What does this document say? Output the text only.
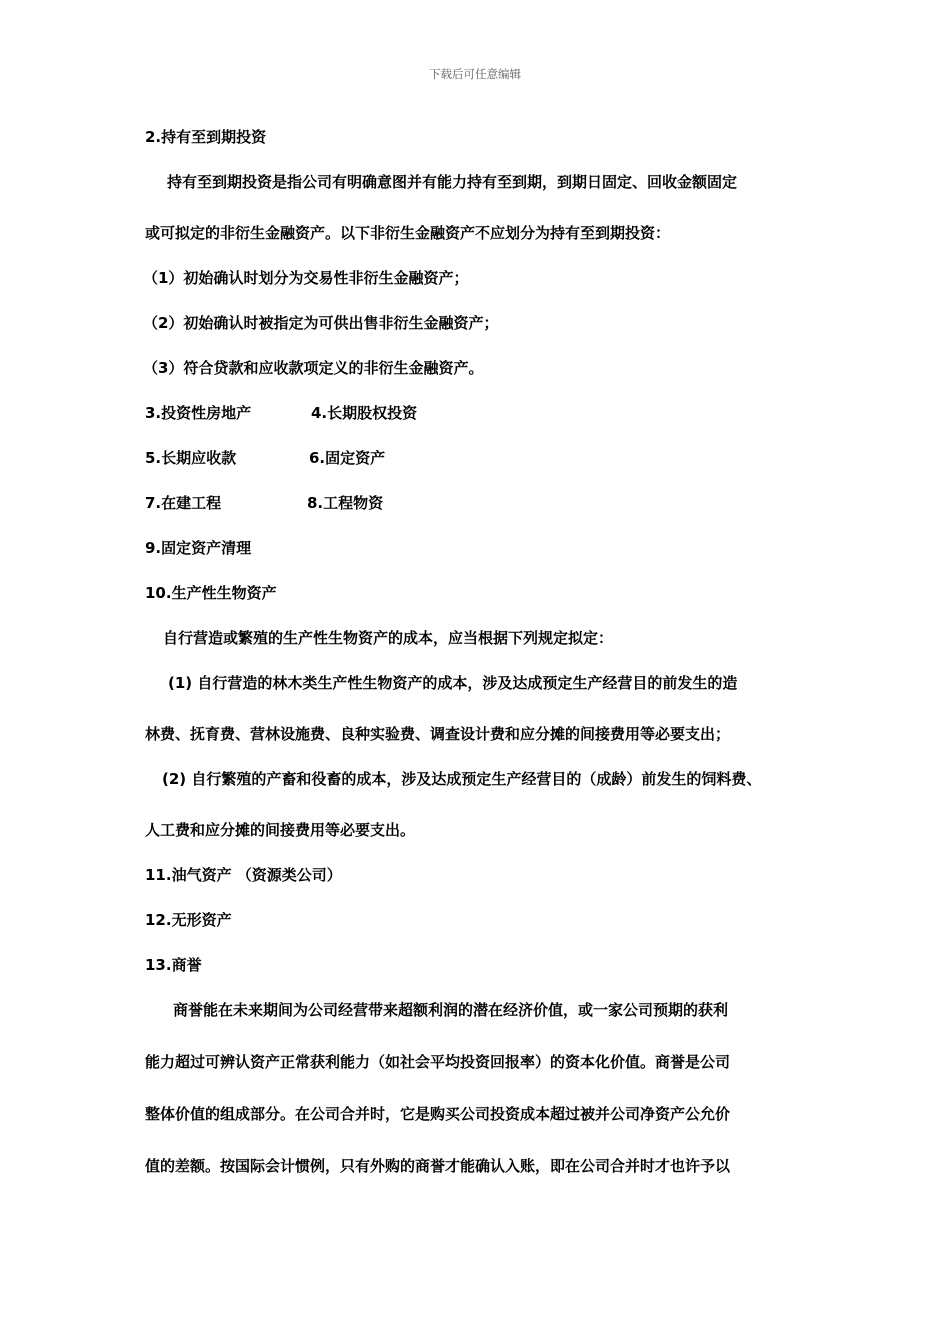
下载后可任意编辑
2.持有至到期投资
持有至到期投资是指公司有明确意图并有能力持有至到期，到期日固定、回收金额固定
或可拟定的非衍生金融资产。以下非衍生金融资产不应划分为持有至到期投资：
（1）初始确认时划分为交易性非衍生金融资产；
（2）初始确认时被指定为可供出售非衍生金融资产；
（3）符合贷款和应收款项定义的非衍生金融资产。
3.投资性房地产	4.长期股权投资
5.长期应收款	6.固定资产
7.在建工程	8.工程物资
9.固定资产清理
10.生产性生物资产
自行营造或繁殖的生产性生物资产的成本，应当根据下列规定拟定：
(1) 自行营造的林木类生产性生物资产的成本，涉及达成预定生产经营目的前发生的造
林费、抚育费、营林设施费、良种实验费、调查设计费和应分摊的间接费用等必要支出；
(2) 自行繁殖的产畜和役畜的成本，涉及达成预定生产经营目的（成龄）前发生的饲料费、
人工费和应分摊的间接费用等必要支出。
11.油气资产 （资源类公司）
12.无形资产
13.商誉
商誉能在未来期间为公司经营带来超额利润的潜在经济价值，或一家公司预期的获利
能力超过可辨认资产正常获利能力（如社会平均投资回报率）的资本化价值。商誉是公司
整体价值的组成部分。在公司合并时，它是购买公司投资成本超过被并公司净资产公允价
值的差额。按国际会计惯例，只有外购的商誉才能确认入账，即在公司合并时才也许予以
